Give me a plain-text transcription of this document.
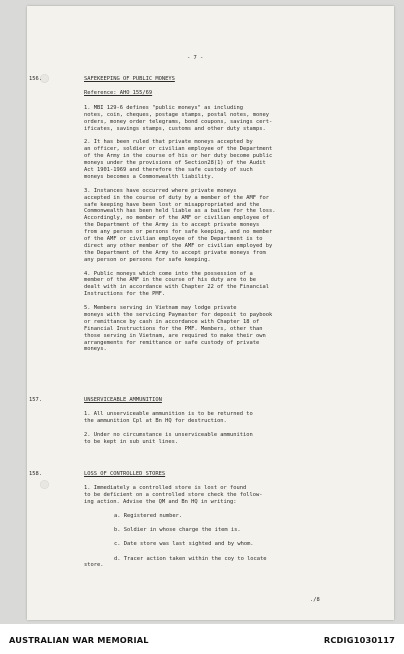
- 7 -
156.	SAFEKEEPING OF PUBLIC MONEYS
Reference: AHO 155/69
1. MBI 129-6 defines "public moneys" as including
notes, coin, cheques, postage stamps, postal notes, money
orders, money order telegrams, bond coupons, savings cert-
ificates, savings stamps, customs and other duty stamps.
2. It has been ruled that private moneys accepted by
an officer, soldier or civilian employee of the Department
of the Army in the course of his or her duty become public
moneys under the provisions of Section28(1) of the Audit
Act 1901-1969 and therefore the safe custody of such
moneys becomes a Commonwealth liability.
3. Instances have occurred where private moneys
accepted in the course of duty by a member of the AMF for
safe keeping have been lost or misappropriated and the
Commonwealth has been held liable as a bailee for the loss.
Accordingly, no member of the AMF or civilian employee of
the Department of the Army is to accept private moneys
from any person or persons for safe keeping, and no member
of the AMF or civilian employee of the Department is to
direct any other member of the AMF or civilian employed by
the Department of the Army to accept private moneys from
any person or persons for safe keeping.
4. Public moneys which come into the possession of a
member of the AMF in the course of his duty are to be
dealt with in accordance with Chapter 22 of the Financial
Instructions for the PMF.
5. Members serving in Vietnam may lodge private
moneys with the servicing Paymaster for deposit to paybook
or remittance by cash in accordance with Chapter 18 of
Financial Instructions for the PMF. Members, other than
those serving in Vietnam, are required to make their own
arrangements for remittance or safe custody of private
moneys.
157.	UNSERVICEABLE AMMUNITION
1. All unserviceable ammunition is to be returned to
the ammunition Cpl at Bn HQ for destruction.
2. Under no circumstance is unserviceable ammunition
to be kept in sub unit lines.
158.	LOSS OF CONTROLLED STORES
1. Immediately a controlled store is lost or found
to be deficient on a controlled store check the follow-
ing action. Advise the QM and Bn HQ in writing:
a. Registered number.
b. Soldier in whose charge the item is.
c. Date store was last sighted and by whom.
d. Tracer action taken within the coy to locate
store.
./8
AUSTRALIAN WAR MEMORIAL	RCDIG1030117
